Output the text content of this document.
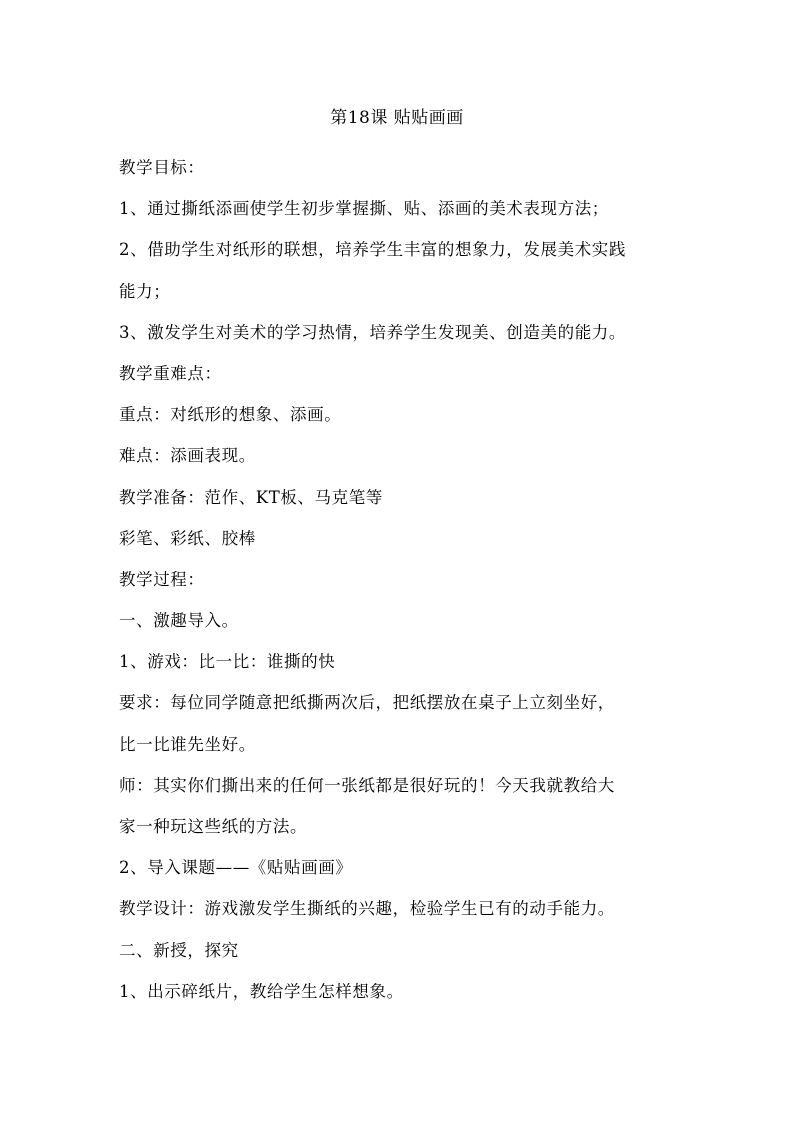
第18课 贴贴画画

教学目标：

1、通过撕纸添画使学生初步掌握撕、贴、添画的美术表现方法；

2、借助学生对纸形的联想，培养学生丰富的想象力，发展美术实践

能力；

3、激发学生对美术的学习热情，培养学生发现美、创造美的能力。

教学重难点：

重点：对纸形的想象、添画。

难点：添画表现。

教学准备：范作、KT板、马克笔等

彩笔、彩纸、胶棒

教学过程：

一、激趣导入。

1、游戏：比一比：谁撕的快

要求：每位同学随意把纸撕两次后，把纸摆放在桌子上立刻坐好，

比一比谁先坐好。

师：其实你们撕出来的任何一张纸都是很好玩的！今天我就教给大

家一种玩这些纸的方法。

2、导入课题——《贴贴画画》

教学设计：游戏激发学生撕纸的兴趣，检验学生已有的动手能力。

二、新授，探究

1、出示碎纸片，教给学生怎样想象。
